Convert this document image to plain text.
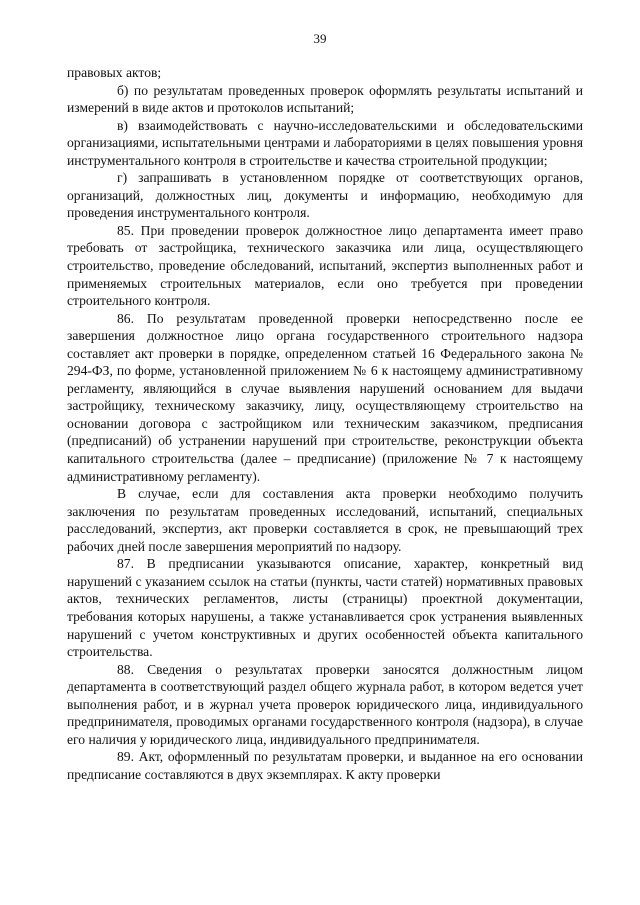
39

правовых актов;

б) по результатам проведенных проверок оформлять результаты испытаний и измерений в виде актов и протоколов испытаний;

в) взаимодействовать с научно-исследовательскими и обследовательскими организациями, испытательными центрами и лабораториями в целях повышения уровня инструментального контроля в строительстве и качества строительной продукции;

г) запрашивать в установленном порядке от соответствующих органов, организаций, должностных лиц, документы и информацию, необходимую для проведения инструментального контроля.

85. При проведении проверок должностное лицо департамента имеет право требовать от застройщика, технического заказчика или лица, осуществляющего строительство, проведение обследований, испытаний, экспертиз выполненных работ и применяемых строительных материалов, если оно требуется при проведении строительного контроля.

86. По результатам проведенной проверки непосредственно после ее завершения должностное лицо органа государственного строительного надзора составляет акт проверки в порядке, определенном статьей 16 Федерального закона № 294-ФЗ, по форме, установленной приложением № 6 к настоящему административному регламенту, являющийся в случае выявления нарушений основанием для выдачи застройщику, техническому заказчику, лицу, осуществляющему строительство на основании договора с застройщиком или техническим заказчиком, предписания (предписаний) об устранении нарушений при строительстве, реконструкции объекта капитального строительства (далее – предписание) (приложение № 7 к настоящему административному регламенту).

В случае, если для составления акта проверки необходимо получить заключения по результатам проведенных исследований, испытаний, специальных расследований, экспертиз, акт проверки составляется в срок, не превышающий трех рабочих дней после завершения мероприятий по надзору.

87. В предписании указываются описание, характер, конкретный вид нарушений с указанием ссылок на статьи (пункты, части статей) нормативных правовых актов, технических регламентов, листы (страницы) проектной документации, требования которых нарушены, а также устанавливается срок устранения выявленных нарушений с учетом конструктивных и других особенностей объекта капитального строительства.

88. Сведения о результатах проверки заносятся должностным лицом департамента в соответствующий раздел общего журнала работ, в котором ведется учет выполнения работ, и в журнал учета проверок юридического лица, индивидуального предпринимателя, проводимых органами государственного контроля (надзора), в случае его наличия у юридического лица, индивидуального предпринимателя.

89. Акт, оформленный по результатам проверки, и выданное на его основании предписание составляются в двух экземплярах. К акту проверки
